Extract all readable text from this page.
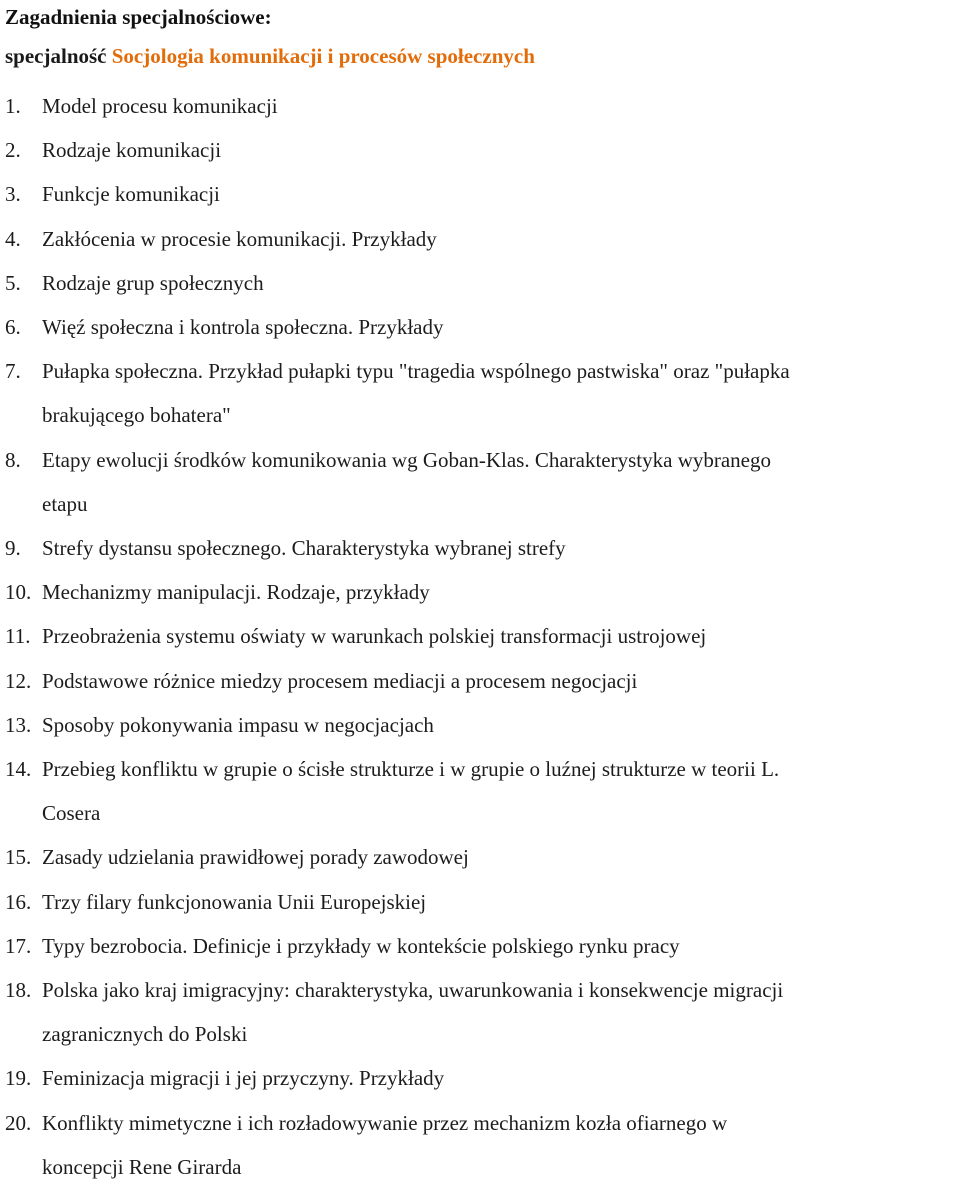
Zagadnienia specjalnościowe:
specjalność Socjologia komunikacji i procesów społecznych
1. Model procesu komunikacji
2. Rodzaje komunikacji
3. Funkcje komunikacji
4. Zakłócenia w procesie komunikacji. Przykłady
5. Rodzaje grup społecznych
6. Więź społeczna i kontrola społeczna. Przykłady
7. Pułapka społeczna. Przykład pułapki typu "tragedia wspólnego pastwiska" oraz "pułapka
brakującego bohatera"
8. Etapy ewolucji środków komunikowania wg Goban-Klas. Charakterystyka wybranego
etapu
9. Strefy dystansu społecznego. Charakterystyka wybranej strefy
10. Mechanizmy manipulacji. Rodzaje, przykłady
11. Przeobrażenia systemu oświaty w warunkach polskiej transformacji ustrojowej
12. Podstawowe różnice miedzy procesem mediacji a procesem negocjacji
13. Sposoby pokonywania impasu w negocjacjach
14. Przebieg konfliktu w grupie o ścisłe strukturze i w grupie o luźnej strukturze w teorii L.
Cosera
15. Zasady udzielania prawidłowej porady zawodowej
16. Trzy filary funkcjonowania Unii Europejskiej
17. Typy bezrobocia. Definicje i przykłady w kontekście polskiego rynku pracy
18. Polska jako kraj imigracyjny: charakterystyka, uwarunkowania i konsekwencje migracji
zagranicznych do Polski
19. Feminizacja migracji i jej przyczyny. Przykłady
20. Konflikty mimetyczne i ich rozładowywanie przez mechanizm kozła ofiarnego w
koncepcji Rene Girarda
